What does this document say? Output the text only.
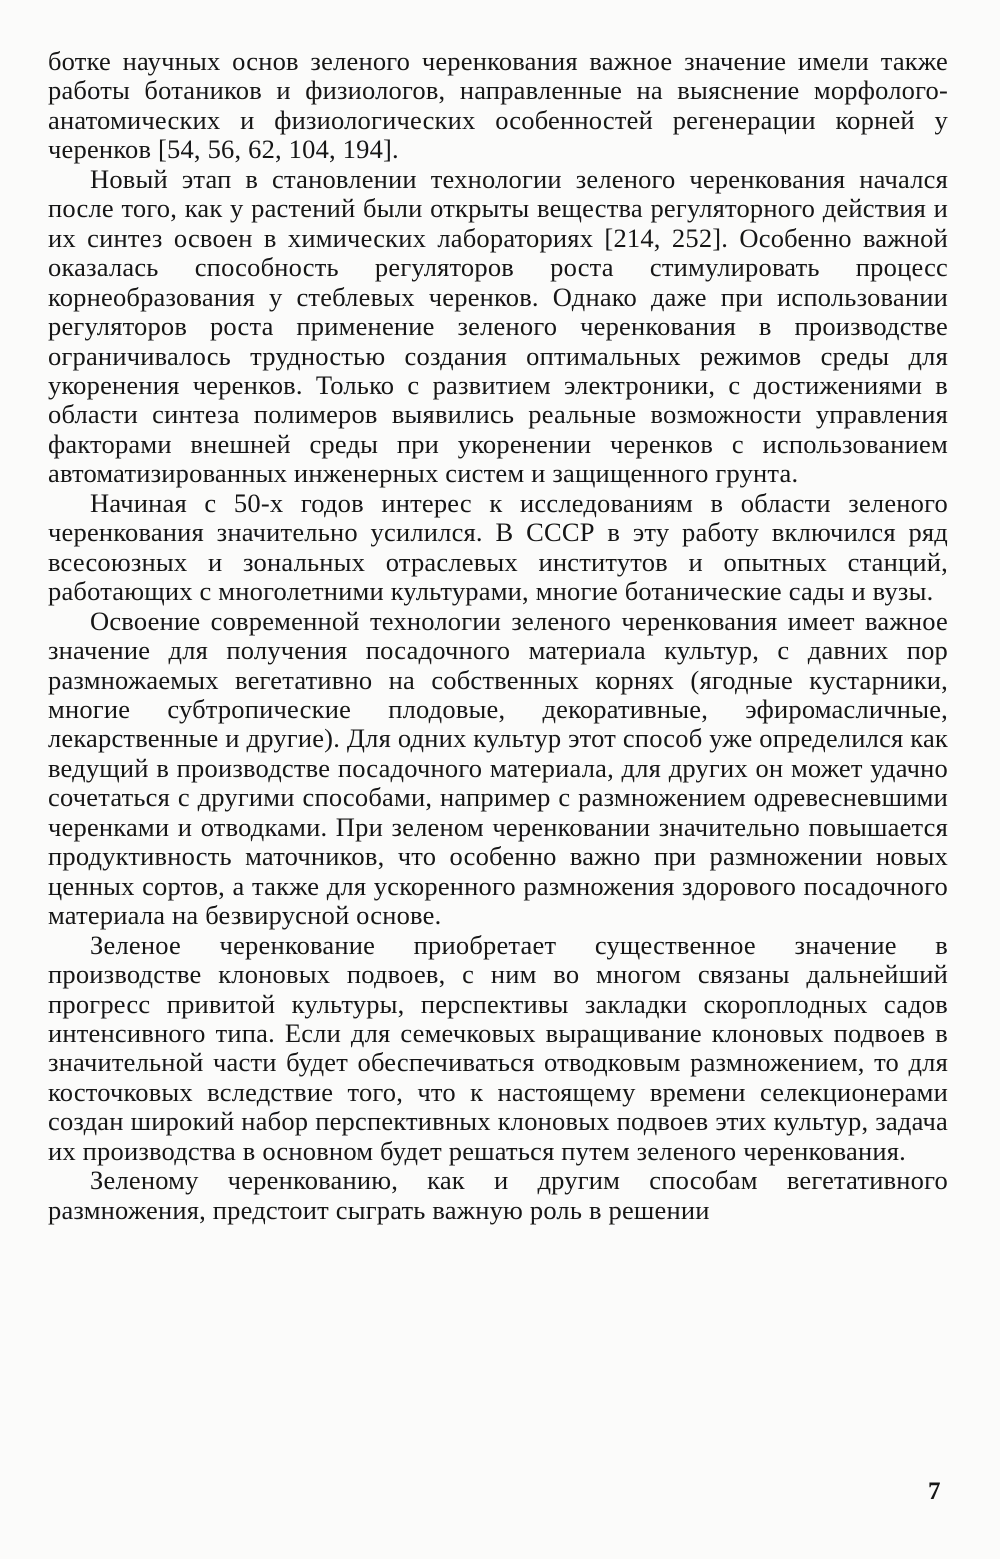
ботке научных основ зеленого черенкования важное значение имели также работы ботаников и физиологов, направленные на выяснение морфолого-анатомических и физиологических особенностей регенерации корней у черенков [54, 56, 62, 104, 194].

Новый этап в становлении технологии зеленого черенкования начался после того, как у растений были открыты вещества регуляторного действия и их синтез освоен в химических лабораториях [214, 252]. Особенно важной оказалась способность регуляторов роста стимулировать процесс корнеобразования у стеблевых черенков. Однако даже при использовании регуляторов роста применение зеленого черенкования в производстве ограничивалось трудностью создания оптимальных режимов среды для укоренения черенков. Только с развитием электроники, с достижениями в области синтеза полимеров выявились реальные возможности управления факторами внешней среды при укоренении черенков с использованием автоматизированных инженерных систем и защищенного грунта.

Начиная с 50-х годов интерес к исследованиям в области зеленого черенкования значительно усилился. В СССР в эту работу включился ряд всесоюзных и зональных отраслевых институтов и опытных станций, работающих с многолетними культурами, многие ботанические сады и вузы.

Освоение современной технологии зеленого черенкования имеет важное значение для получения посадочного материала культур, с давних пор размножаемых вегетативно на собственных корнях (ягодные кустарники, многие субтропические плодовые, декоративные, эфиромасличные, лекарственные и другие). Для одних культур этот способ уже определился как ведущий в производстве посадочного материала, для других он может удачно сочетаться с другими способами, например с размножением одревесневшими черенками и отводками. При зеленом черенковании значительно повышается продуктивность маточников, что особенно важно при размножении новых ценных сортов, а также для ускоренного размножения здорового посадочного материала на безвирусной основе.

Зеленое черенкование приобретает существенное значение в производстве клоновых подвоев, с ним во многом связаны дальнейший прогресс привитой культуры, перспективы закладки скороплодных садов интенсивного типа. Если для семечковых выращивание клоновых подвоев в значительной части будет обеспечиваться отводковым размножением, то для косточковых вследствие того, что к настоящему времени селекционерами создан широкий набор перспективных клоновых подвоев этих культур, задача их производства в основном будет решаться путем зеленого черенкования.

Зеленому черенкованию, как и другим способам вегетативного размножения, предстоит сыграть важную роль в решении

7
